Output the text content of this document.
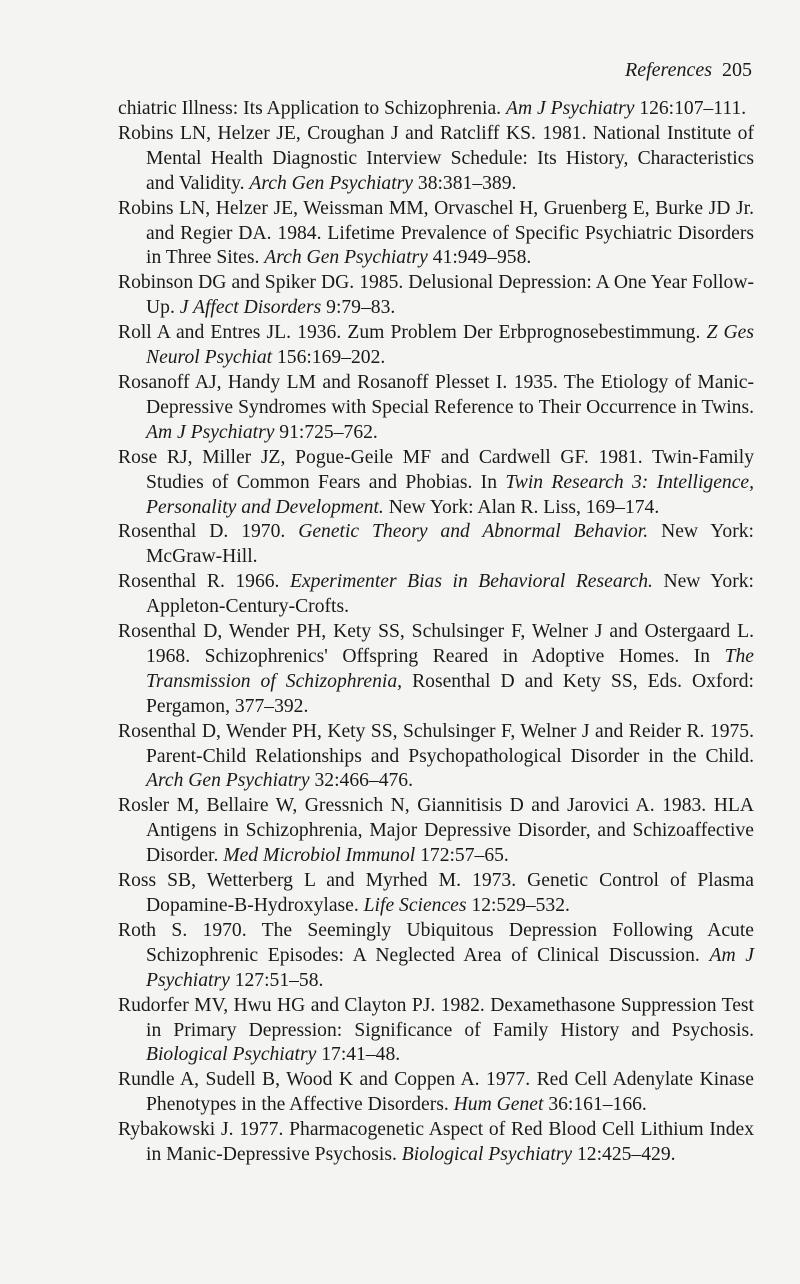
References 205
chiatric Illness: Its Application to Schizophrenia. Am J Psychiatry 126:107–111.
Robins LN, Helzer JE, Croughan J and Ratcliff KS. 1981. National Institute of Mental Health Diagnostic Interview Schedule: Its History, Characteristics and Validity. Arch Gen Psychiatry 38:381–389.
Robins LN, Helzer JE, Weissman MM, Orvaschel H, Gruenberg E, Burke JD Jr. and Regier DA. 1984. Lifetime Prevalence of Specific Psychiatric Disorders in Three Sites. Arch Gen Psychiatry 41:949–958.
Robinson DG and Spiker DG. 1985. Delusional Depression: A One Year Follow-Up. J Affect Disorders 9:79–83.
Roll A and Entres JL. 1936. Zum Problem Der Erbprognosebestimmung. Z Ges Neurol Psychiat 156:169–202.
Rosanoff AJ, Handy LM and Rosanoff Plesset I. 1935. The Etiology of Manic-Depressive Syndromes with Special Reference to Their Occurrence in Twins. Am J Psychiatry 91:725–762.
Rose RJ, Miller JZ, Pogue-Geile MF and Cardwell GF. 1981. Twin-Family Studies of Common Fears and Phobias. In Twin Research 3: Intelligence, Personality and Development. New York: Alan R. Liss, 169–174.
Rosenthal D. 1970. Genetic Theory and Abnormal Behavior. New York: McGraw-Hill.
Rosenthal R. 1966. Experimenter Bias in Behavioral Research. New York: Appleton-Century-Crofts.
Rosenthal D, Wender PH, Kety SS, Schulsinger F, Welner J and Ostergaard L. 1968. Schizophrenics' Offspring Reared in Adoptive Homes. In The Transmission of Schizophrenia, Rosenthal D and Kety SS, Eds. Oxford: Pergamon, 377–392.
Rosenthal D, Wender PH, Kety SS, Schulsinger F, Welner J and Reider R. 1975. Parent-Child Relationships and Psychopathological Disorder in the Child. Arch Gen Psychiatry 32:466–476.
Rosler M, Bellaire W, Gressnich N, Giannitisis D and Jarovici A. 1983. HLA Antigens in Schizophrenia, Major Depressive Disorder, and Schizoaffective Disorder. Med Microbiol Immunol 172:57–65.
Ross SB, Wetterberg L and Myrhed M. 1973. Genetic Control of Plasma Dopamine-B-Hydroxylase. Life Sciences 12:529–532.
Roth S. 1970. The Seemingly Ubiquitous Depression Following Acute Schizophrenic Episodes: A Neglected Area of Clinical Discussion. Am J Psychiatry 127:51–58.
Rudorfer MV, Hwu HG and Clayton PJ. 1982. Dexamethasone Suppression Test in Primary Depression: Significance of Family History and Psychosis. Biological Psychiatry 17:41–48.
Rundle A, Sudell B, Wood K and Coppen A. 1977. Red Cell Adenylate Kinase Phenotypes in the Affective Disorders. Hum Genet 36:161–166.
Rybakowski J. 1977. Pharmacogenetic Aspect of Red Blood Cell Lithium Index in Manic-Depressive Psychosis. Biological Psychiatry 12:425–429.
